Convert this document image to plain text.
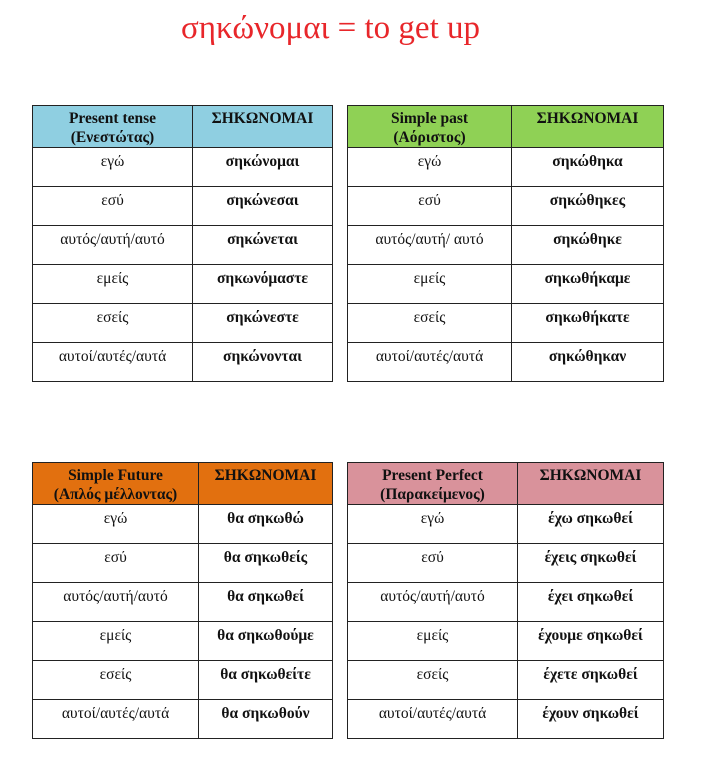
σηκώνομαι = to get up
Present tense
(Ενεστώτας)	ΣΗΚΩΝΟΜΑΙ
εγώ	σηκώνομαι
εσύ	σηκώνεσαι
αυτός/αυτή/αυτό	σηκώνεται
εμείς	σηκωνόμαστε
εσείς	σηκώνεστε
αυτοί/αυτές/αυτά	σηκώνονται
Simple past
(Αόριστος)	ΣΗΚΩΝΟΜΑΙ
εγώ	σηκώθηκα
εσύ	σηκώθηκες
αυτός/αυτή/ αυτό	σηκώθηκε
εμείς	σηκωθήκαμε
εσείς	σηκωθήκατε
αυτοί/αυτές/αυτά	σηκώθηκαν
Simple Future
(Απλός μέλλοντας)	ΣΗΚΩΝΟΜΑΙ
εγώ	θα σηκωθώ
εσύ	θα σηκωθείς
αυτός/αυτή/αυτό	θα σηκωθεί
εμείς	θα σηκωθούμε
εσείς	θα σηκωθείτε
αυτοί/αυτές/αυτά	θα σηκωθούν
Present Perfect
(Παρακείμενος)	ΣΗΚΩΝΟΜΑΙ
εγώ	έχω σηκωθεί
εσύ	έχεις σηκωθεί
αυτός/αυτή/αυτό	έχει σηκωθεί
εμείς	έχουμε σηκωθεί
εσείς	έχετε σηκωθεί
αυτοί/αυτές/αυτά	έχουν σηκωθεί
